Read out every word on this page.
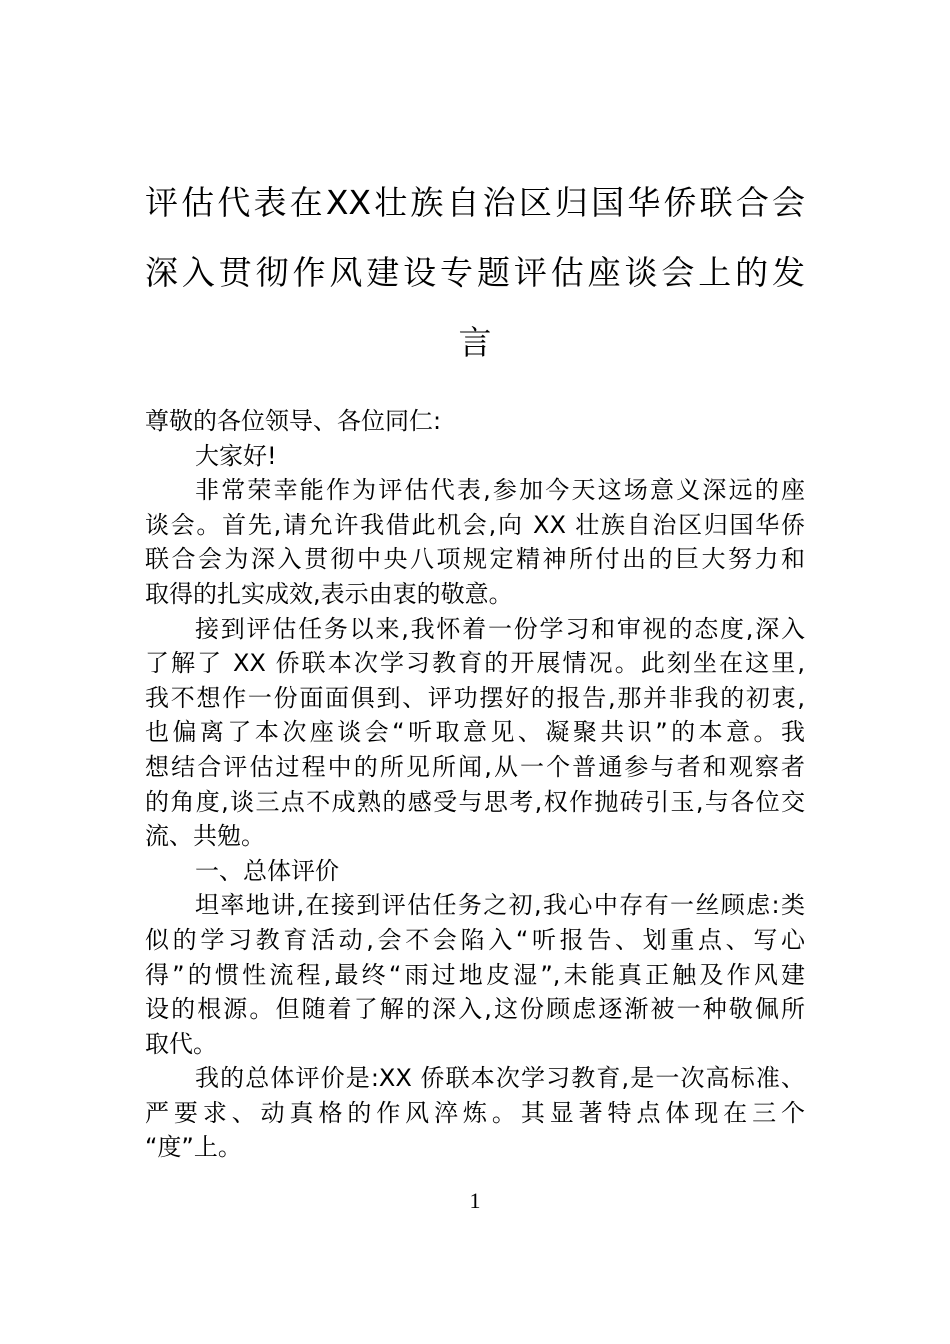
评估代表在XX壮族自治区归国华侨联合会
深入贯彻作风建设专题评估座谈会上的发
言
尊敬的各位领导、各位同仁:
大家好!
非常荣幸能作为评估代表,参加今天这场意义深远的座
谈会。首先,请允许我借此机会,向 XX 壮族自治区归国华侨
联合会为深入贯彻中央八项规定精神所付出的巨大努力和
取得的扎实成效,表示由衷的敬意。
接到评估任务以来,我怀着一份学习和审视的态度,深入
了解了 XX 侨联本次学习教育的开展情况。此刻坐在这里,
我不想作一份面面俱到、评功摆好的报告,那并非我的初衷,
也偏离了本次座谈会“听取意见、凝聚共识”的本意。我
想结合评估过程中的所见所闻,从一个普通参与者和观察者
的角度,谈三点不成熟的感受与思考,权作抛砖引玉,与各位交
流、共勉。
一、总体评价
坦率地讲,在接到评估任务之初,我心中存有一丝顾虑:类
似的学习教育活动,会不会陷入“听报告、划重点、写心
得”的惯性流程,最终“雨过地皮湿”,未能真正触及作风建
设的根源。但随着了解的深入,这份顾虑逐渐被一种敬佩所
取代。
我的总体评价是:XX 侨联本次学习教育,是一次高标准、
严要求、动真格的作风淬炼。其显著特点体现在三个
“度”上。
1
